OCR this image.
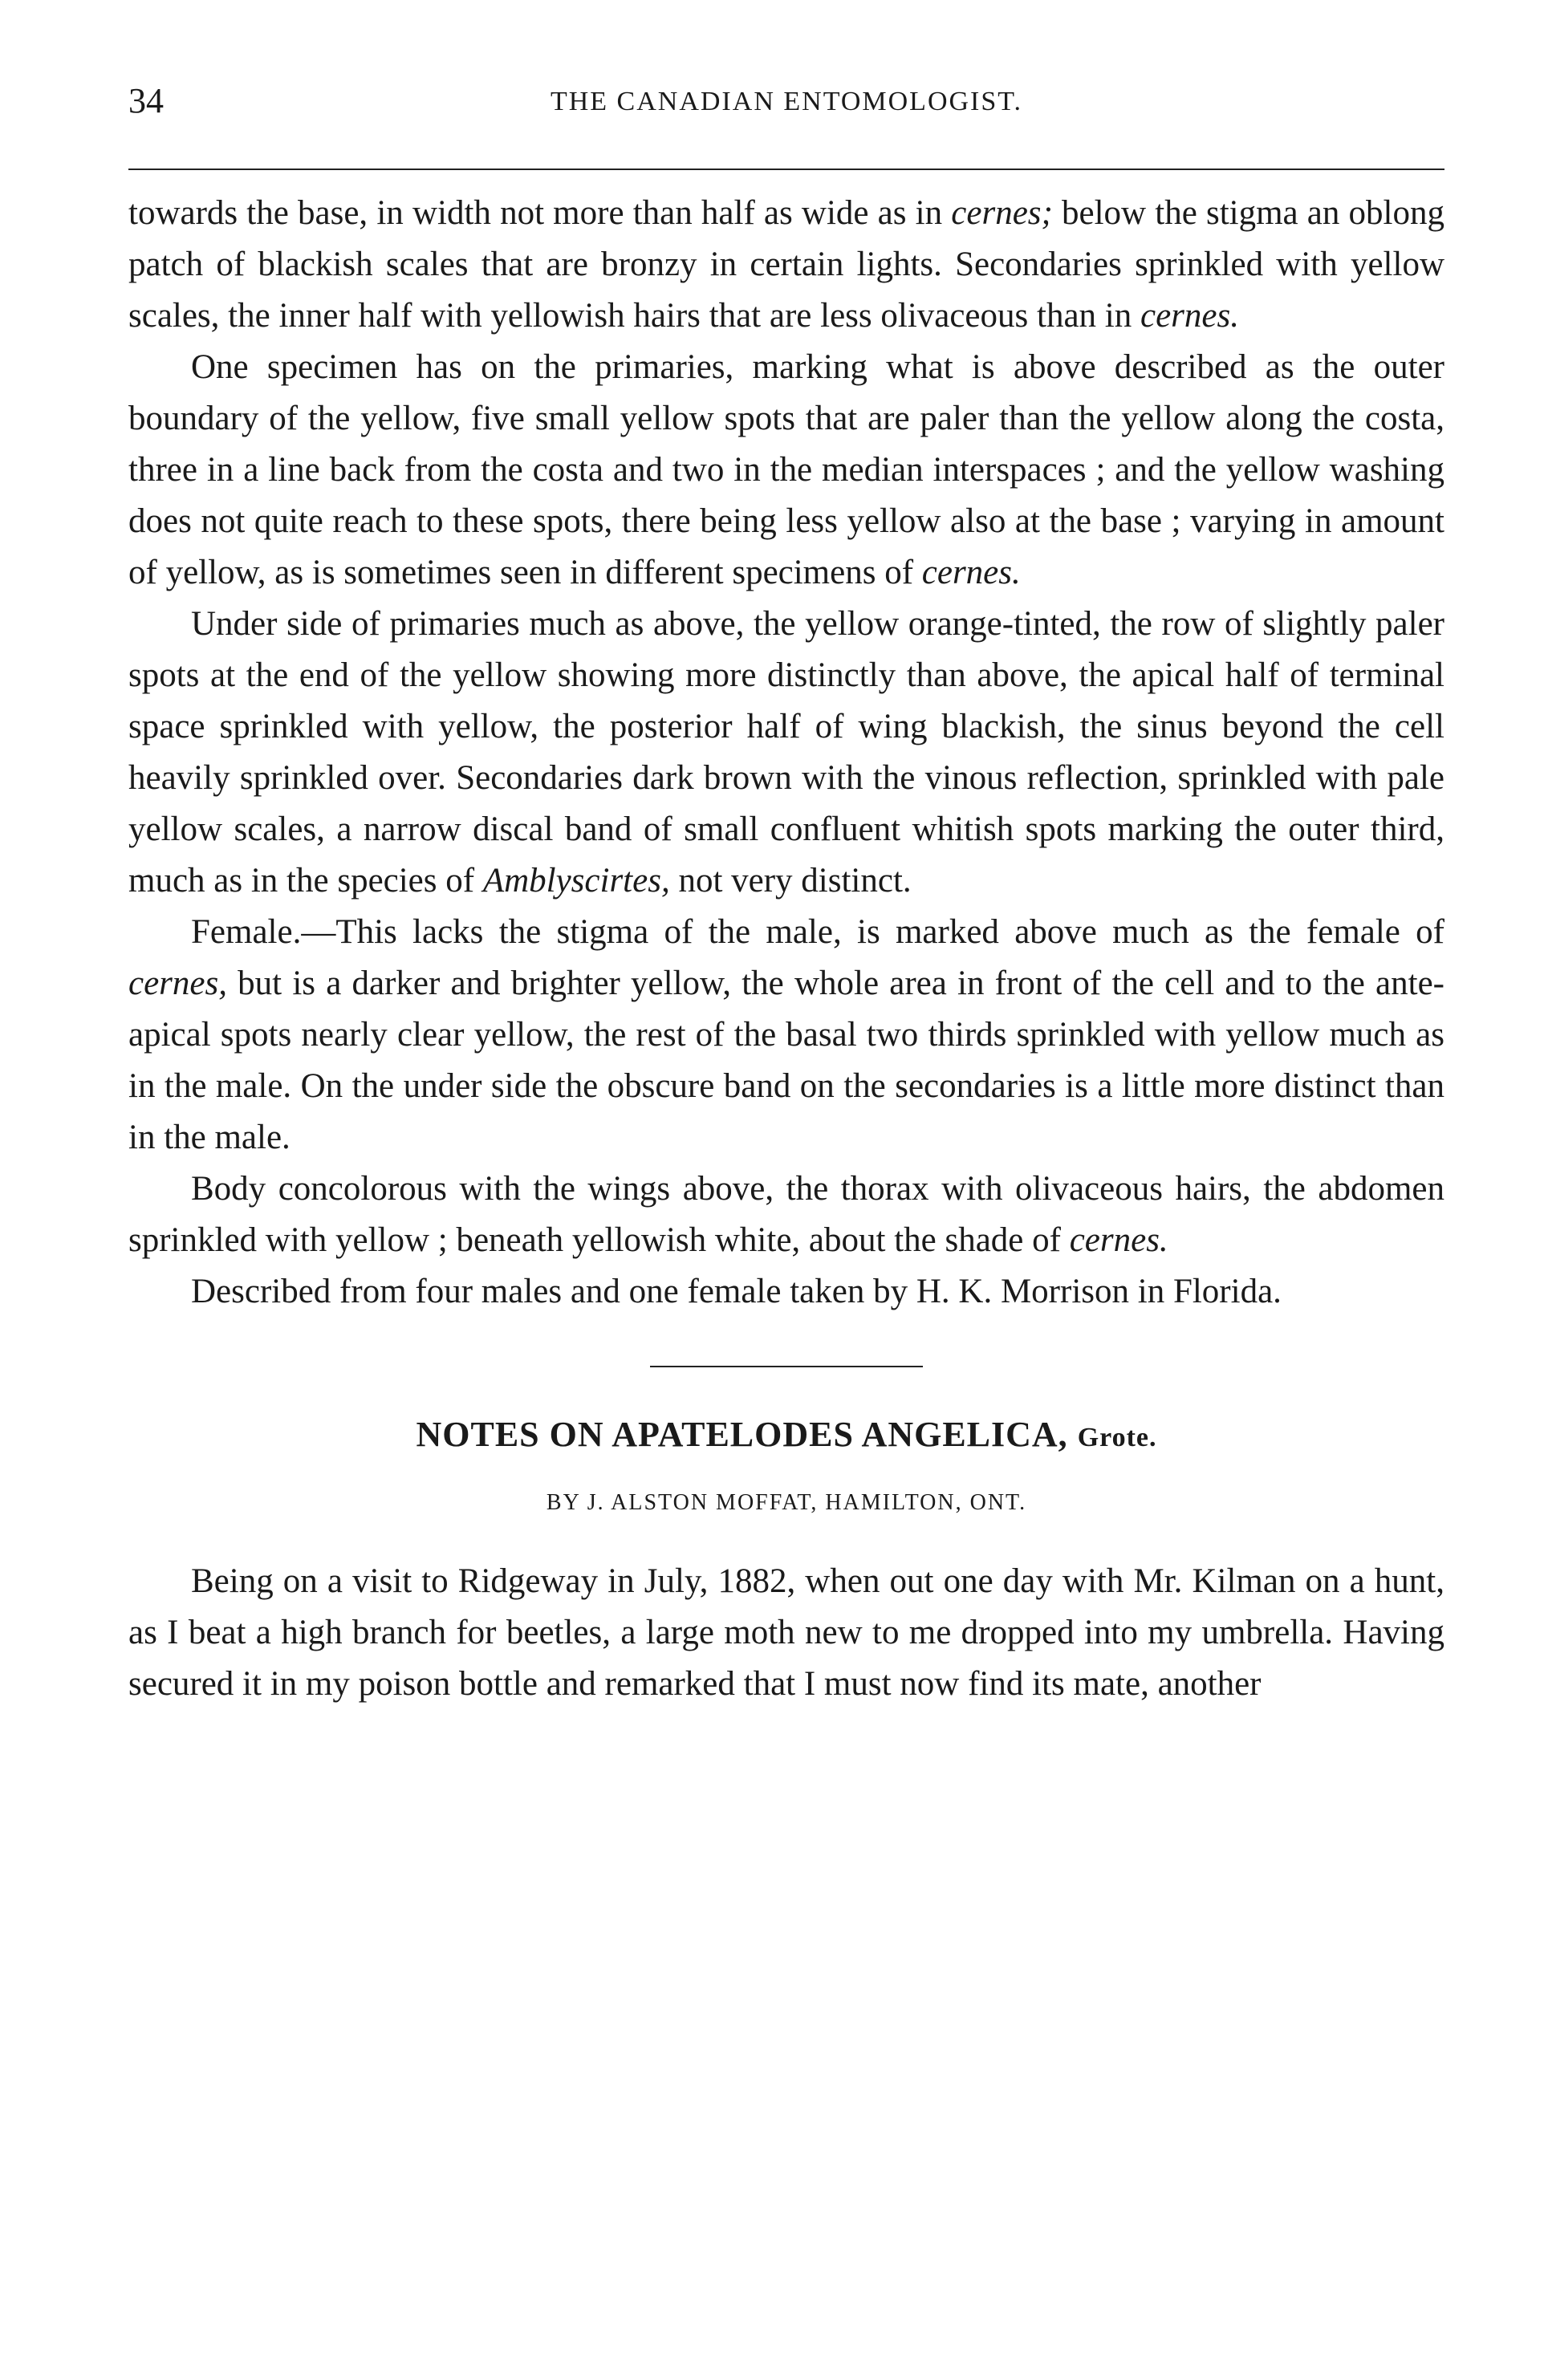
34	THE CANADIAN ENTOMOLOGIST.

towards the base, in width not more than half as wide as in cernes; below the stigma an oblong patch of blackish scales that are bronzy in certain lights. Secondaries sprinkled with yellow scales, the inner half with yellowish hairs that are less olivaceous than in cernes.

One specimen has on the primaries, marking what is above described as the outer boundary of the yellow, five small yellow spots that are paler than the yellow along the costa, three in a line back from the costa and two in the median interspaces ; and the yellow washing does not quite reach to these spots, there being less yellow also at the base ; varying in amount of yellow, as is sometimes seen in different specimens of cernes.

Under side of primaries much as above, the yellow orange-tinted, the row of slightly paler spots at the end of the yellow showing more distinctly than above, the apical half of terminal space sprinkled with yellow, the posterior half of wing blackish, the sinus beyond the cell heavily sprinkled over. Secondaries dark brown with the vinous reflection, sprinkled with pale yellow scales, a narrow discal band of small confluent whitish spots marking the outer third, much as in the species of Amblyscirtes, not very distinct.

Female.—This lacks the stigma of the male, is marked above much as the female of cernes, but is a darker and brighter yellow, the whole area in front of the cell and to the ante-apical spots nearly clear yellow, the rest of the basal two thirds sprinkled with yellow much as in the male. On the under side the obscure band on the secondaries is a little more distinct than in the male.

Body concolorous with the wings above, the thorax with olivaceous hairs, the abdomen sprinkled with yellow ; beneath yellowish white, about the shade of cernes.

Described from four males and one female taken by H. K. Morrison in Florida.

NOTES ON APATELODES ANGELICA, Grote.
BY J. ALSTON MOFFAT, HAMILTON, ONT.

Being on a visit to Ridgeway in July, 1882, when out one day with Mr. Kilman on a hunt, as I beat a high branch for beetles, a large moth new to me dropped into my umbrella. Having secured it in my poison bottle and remarked that I must now find its mate, another
